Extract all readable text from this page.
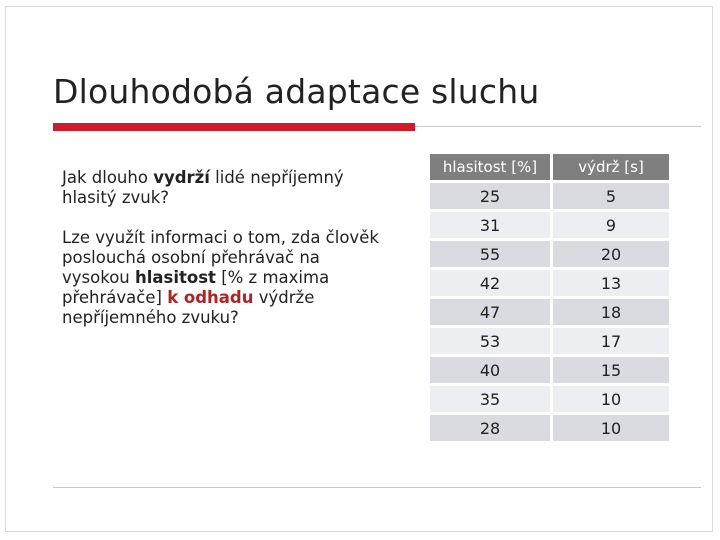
Dlouhodobá adaptace sluchu

Jak dlouho vydrží lidé nepříjemný hlasitý zvuk?

Lze využít informaci o tom, zda člověk poslouchá osobní přehrávač na vysokou hlasitost [% z maxima přehrávače] k odhadu výdrže nepříjemného zvuku?

hlasitost [%]	výdrž [s]
25	5
31	9
55	20
42	13
47	18
53	17
40	15
35	10
28	10
